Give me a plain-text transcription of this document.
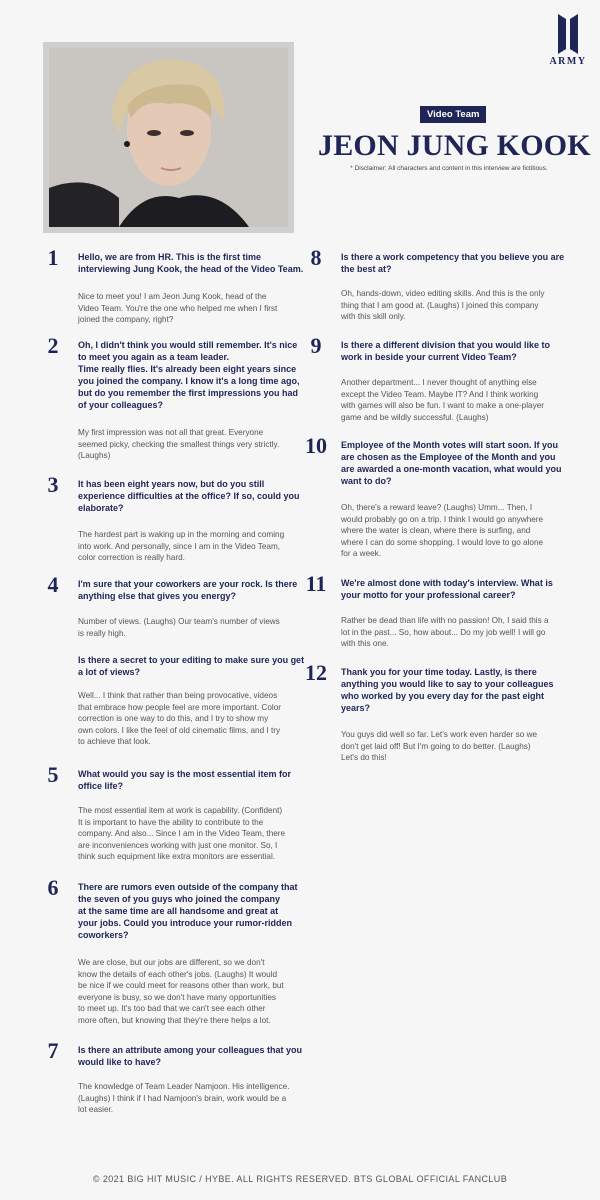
ARMY
Video Team
JEON JUNG KOOK
* Disclaimer: All characters and content in this interview are fictitious.
1	Hello, we are from HR. This is the first time
interviewing Jung Kook, the head of the Video Team.
Nice to meet you! I am Jeon Jung Kook, head of the
Video Team. You're the one who helped me when I first
joined the company, right?
2	Oh, I didn't think you would still remember. It's nice
to meet you again as a team leader.
Time really flies. It's already been eight years since
you joined the company. I know it's a long time ago,
but do you remember the first impressions you had
of your colleagues?
My first impression was not all that great. Everyone
seemed picky, checking the smallest things very strictly.
(Laughs)
3	It has been eight years now, but do you still
experience difficulties at the office? If so, could you
elaborate?
The hardest part is waking up in the morning and coming
into work. And personally, since I am in the Video Team,
color correction is really hard.
4	I'm sure that your coworkers are your rock. Is there
anything else that gives you energy?
Number of views. (Laughs) Our team's number of views
is really high.
Is there a secret to your editing to make sure you get
a lot of views?
Well... I think that rather than being provocative, videos
that embrace how people feel are more important. Color
correction is one way to do this, and I try to show my
own colors. I like the feel of old cinematic films, and I try
to achieve that look.
5	What would you say is the most essential item for
office life?
The most essential item at work is capability. (Confident)
It is important to have the ability to contribute to the
company. And also... Since I am in the Video Team, there
are inconveniences working with just one monitor. So, I
think such equipment like extra monitors are essential.
6	There are rumors even outside of the company that
the seven of you guys who joined the company
at the same time are all handsome and great at
your jobs. Could you introduce your rumor-ridden
coworkers?
We are close, but our jobs are different, so we don't
know the details of each other's jobs. (Laughs) It would
be nice if we could meet for reasons other than work, but
everyone is busy, so we don't have many opportunities
to meet up. It's too bad that we can't see each other
more often, but knowing that they're there helps a lot.
7	Is there an attribute among your colleagues that you
would like to have?
The knowledge of Team Leader Namjoon. His intelligence.
(Laughs) I think if I had Namjoon's brain, work would be a
lot easier.
8	Is there a work competency that you believe you are
the best at?
Oh, hands-down, video editing skills. And this is the only
thing that I am good at. (Laughs) I joined this company
with this skill only.
9	Is there a different division that you would like to
work in beside your current Video Team?
Another department... I never thought of anything else
except the Video Team. Maybe IT? And I think working
with games will also be fun. I want to make a one-player
game and be wildly successful. (Laughs)
10	Employee of the Month votes will start soon. If you
are chosen as the Employee of the Month and you
are awarded a one-month vacation, what would you
want to do?
Oh, there's a reward leave? (Laughs) Umm... Then, I
would probably go on a trip. I think I would go anywhere
where the water is clean, where there is surfing, and
where I can do some shopping. I would love to go alone
for a week.
11	We're almost done with today's interview. What is
your motto for your professional career?
Rather be dead than life with no passion! Oh, I said this a
lot in the past... So, how about... Do my job well! I will go
with this one.
12	Thank you for your time today. Lastly, is there
anything you would like to say to your colleagues
who worked by you every day for the past eight
years?
You guys did well so far. Let's work even harder so we
don't get laid off! But I'm going to do better. (Laughs)
Let's do this!
© 2021 BIG HIT MUSIC / HYBE. ALL RIGHTS RESERVED. BTS GLOBAL OFFICIAL FANCLUB
